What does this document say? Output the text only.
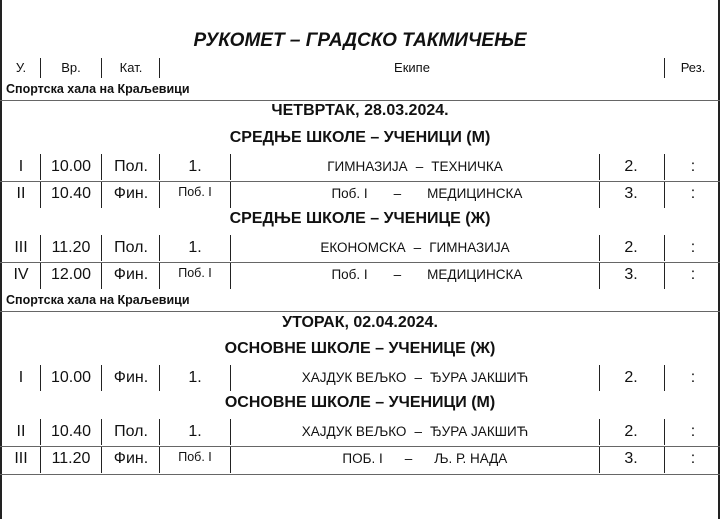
РУКОМЕТ – ГРАДСКО ТАКМИЧЕЊЕ
У.	Вр.	Кат.	Екипе	Рез.
Спортска хала на Краљевици
ЧЕТВРТАК, 28.03.2024.
СРЕДЊЕ ШКОЛЕ – УЧЕНИЦИ (М)
I	10.00	Пол.	1.	ГИМНАЗИЈА – ТЕХНИЧКА	2.	:
II	10.40	Фин.	Поб. I	Поб. I – МЕДИЦИНСКА	3.	:
СРЕДЊЕ ШКОЛЕ – УЧЕНИЦЕ (Ж)
III	11.20	Пол.	1.	ЕКОНОМСКА – ГИМНАЗИЈА	2.	:
IV	12.00	Фин.	Поб. I	Поб. I – МЕДИЦИНСКА	3.	:
Спортска хала на Краљевици
УТОРАК, 02.04.2024.
ОСНОВНЕ ШКОЛЕ – УЧЕНИЦЕ (Ж)
I	10.00	Фин.	1.	ХАЈДУК ВЕЉКО – ЂУРА ЈАКШИЋ	2.	:
ОСНОВНЕ ШКОЛЕ – УЧЕНИЦИ (М)
II	10.40	Пол.	1.	ХАЈДУК ВЕЉКО – ЂУРА ЈАКШИЋ	2.	:
III	11.20	Фин.	Поб. I	ПОБ. I – Љ. Р. НАДА	3.	:
